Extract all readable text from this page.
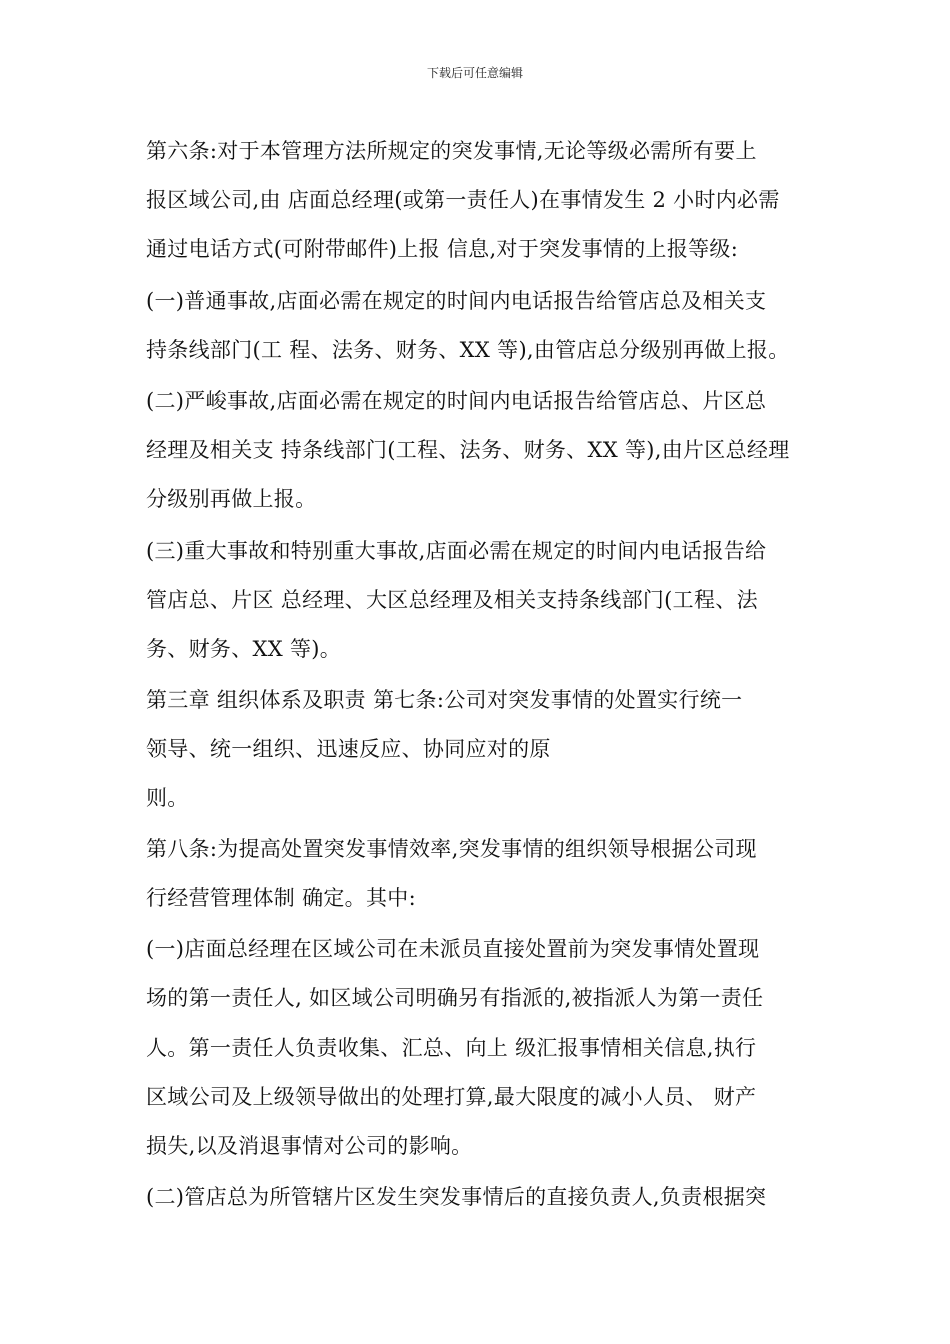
下载后可任意编辑
第六条:对于本管理方法所规定的突发事情,无论等级必需所有要上
报区域公司,由 店面总经理(或第一责任人)在事情发生 2 小时内必需
通过电话方式(可附带邮件)上报 信息,对于突发事情的上报等级:
(一)普通事故,店面必需在规定的时间内电话报告给管店总及相关支
持条线部门(工 程、法务、财务、XX 等),由管店总分级别再做上报。
(二)严峻事故,店面必需在规定的时间内电话报告给管店总、片区总
经理及相关支 持条线部门(工程、法务、财务、XX 等),由片区总经理
分级别再做上报。
(三)重大事故和特别重大事故,店面必需在规定的时间内电话报告给
管店总、片区 总经理、大区总经理及相关支持条线部门(工程、法
务、财务、XX 等)。
第三章 组织体系及职责 第七条:公司对突发事情的处置实行统一
领导、统一组织、迅速反应、协同应对的原
则。
第八条:为提高处置突发事情效率,突发事情的组织领导根据公司现
行经营管理体制 确定。其中:
(一)店面总经理在区域公司在未派员直接处置前为突发事情处置现
场的第一责任人, 如区域公司明确另有指派的,被指派人为第一责任
人。第一责任人负责收集、汇总、向上 级汇报事情相关信息,执行
区域公司及上级领导做出的处理打算,最大限度的减小人员、 财产
损失,以及消退事情对公司的影响。
(二)管店总为所管辖片区发生突发事情后的直接负责人,负责根据突
